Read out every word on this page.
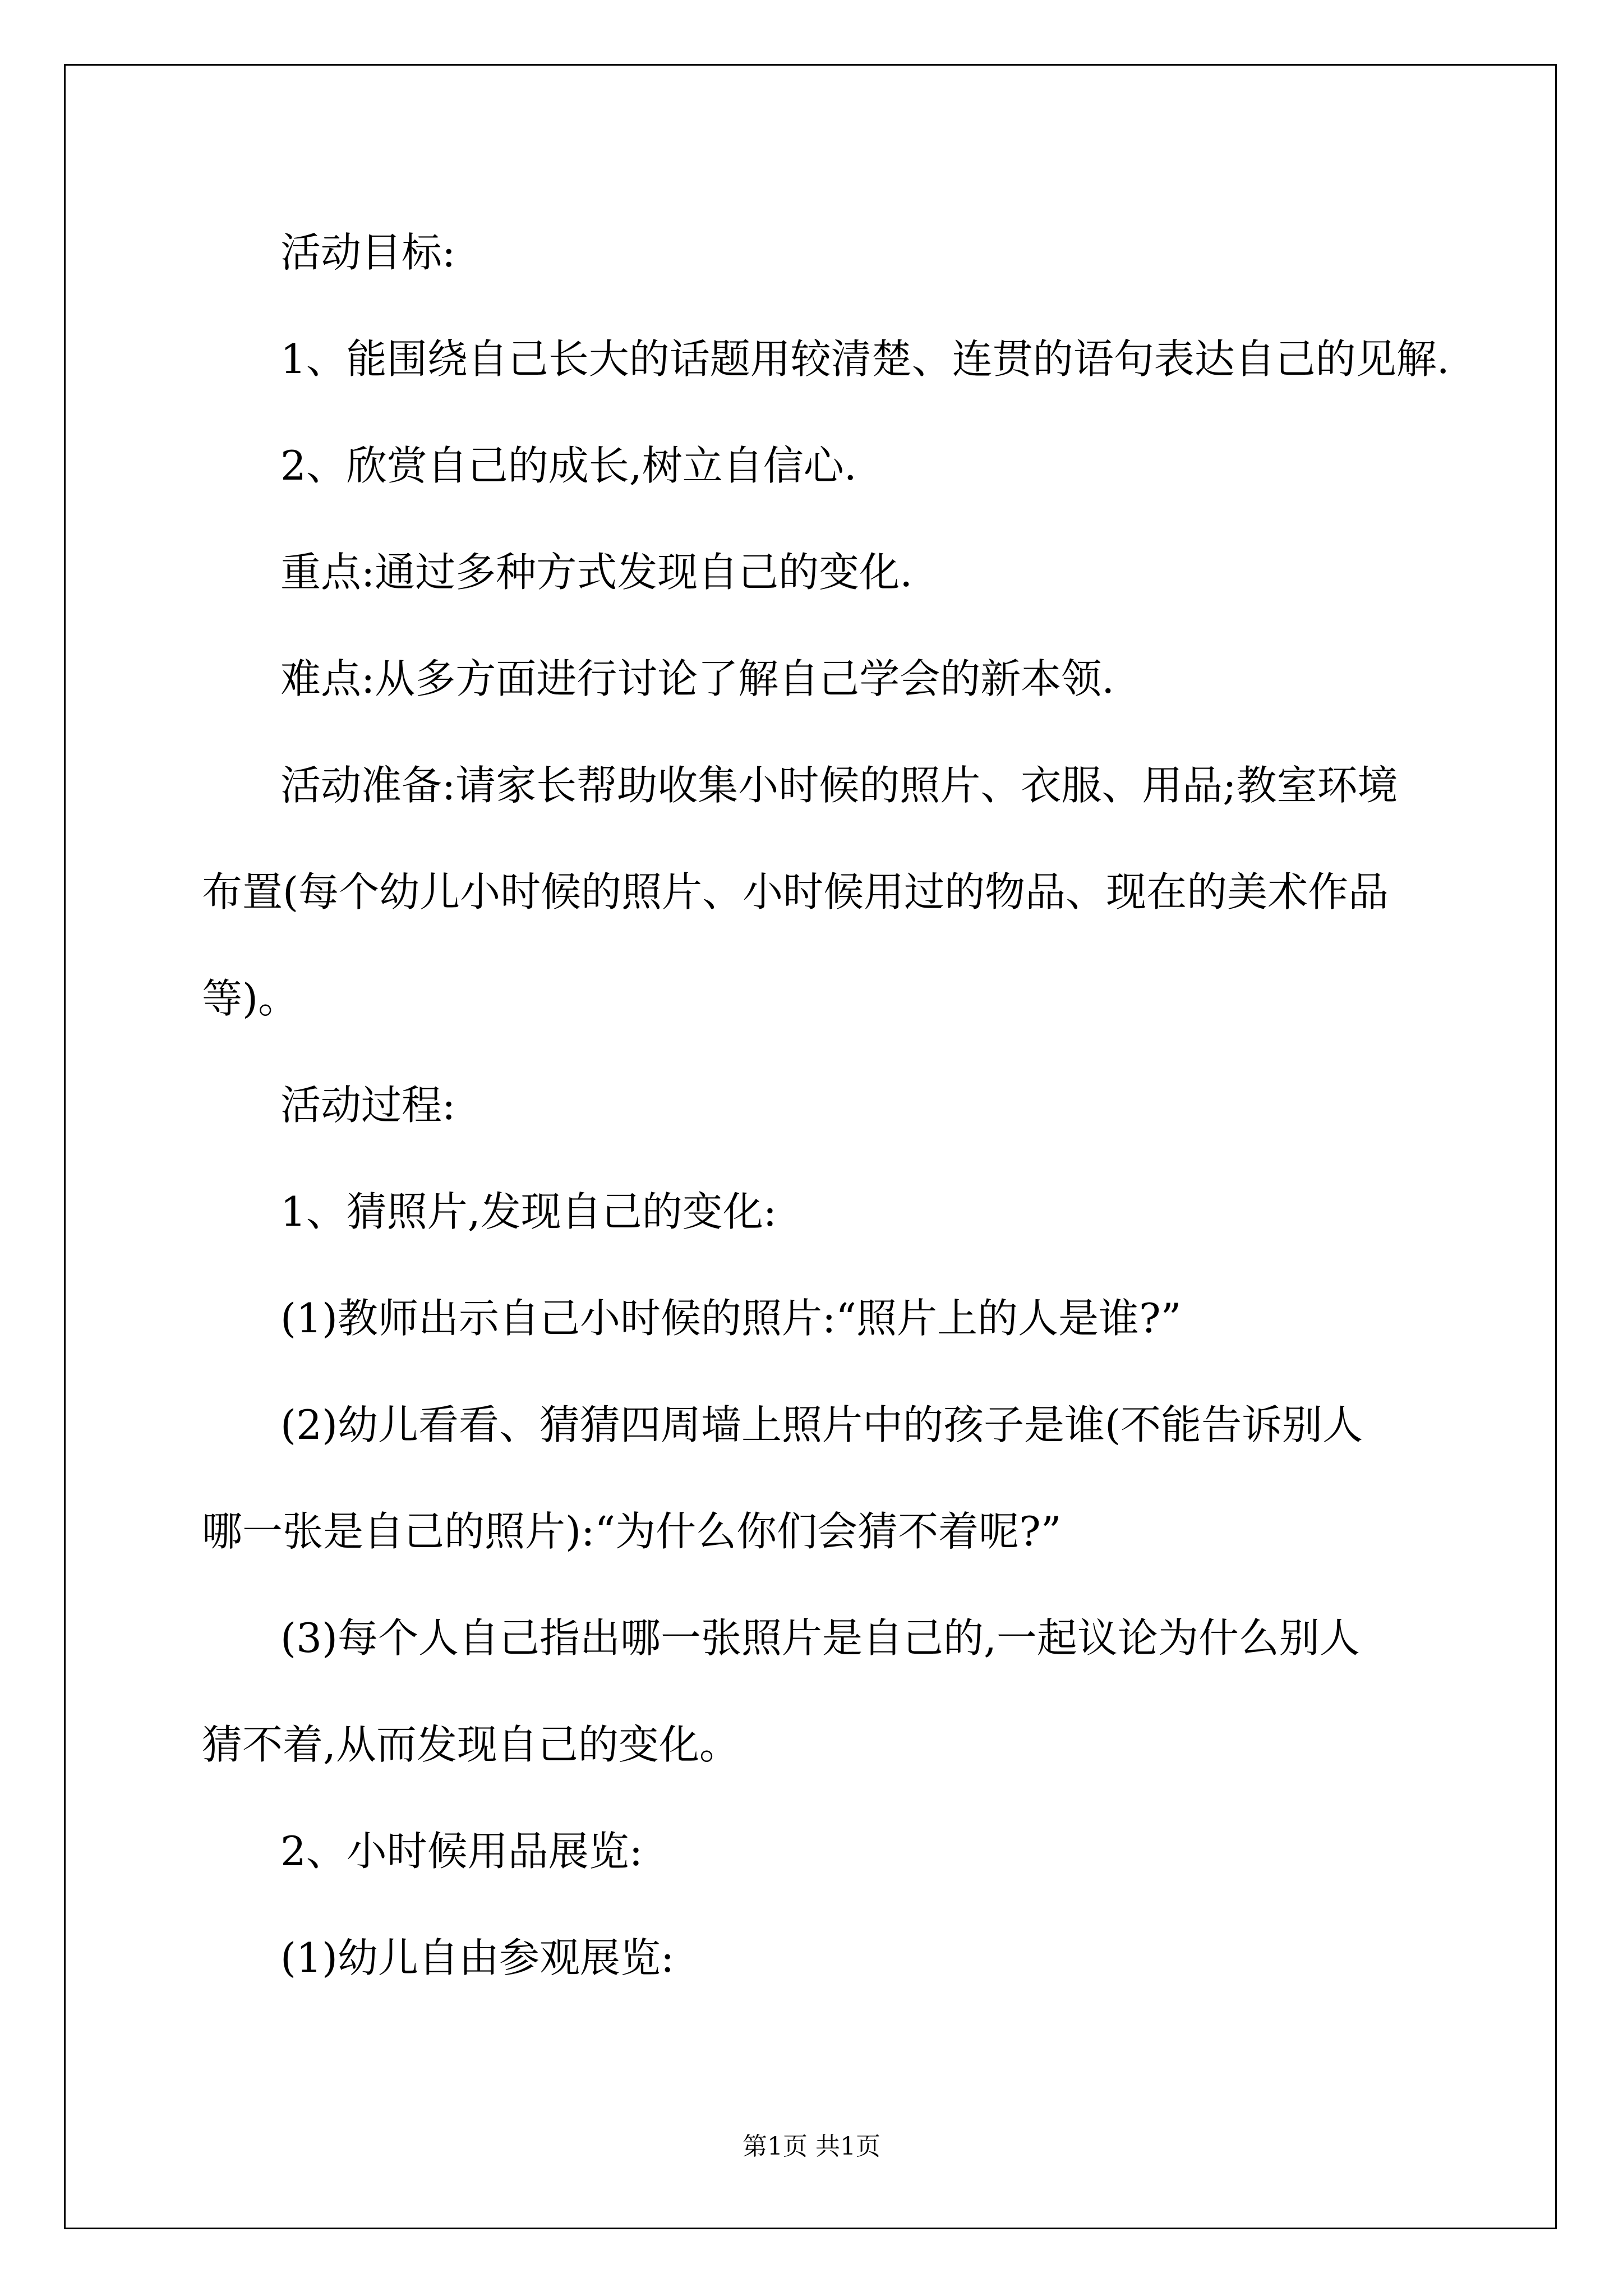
活动目标:

1、能围绕自己长大的话题用较清楚、连贯的语句表达自己的见解.

2、欣赏自己的成长,树立自信心.

重点:通过多种方式发现自己的变化.

难点:从多方面进行讨论了解自己学会的新本领.

活动准备:请家长帮助收集小时候的照片、衣服、用品;教室环境

布置(每个幼儿小时候的照片、小时候用过的物品、现在的美术作品

等)。

活动过程:

1、猜照片,发现自己的变化:

(1)教师出示自己小时候的照片:“照片上的人是谁?”

(2)幼儿看看、猜猜四周墙上照片中的孩子是谁(不能告诉别人

哪一张是自己的照片):“为什么你们会猜不着呢?”

(3)每个人自己指出哪一张照片是自己的,一起议论为什么别人

猜不着,从而发现自己的变化。

2、小时候用品展览:

(1)幼儿自由参观展览:

第1页 共1页
